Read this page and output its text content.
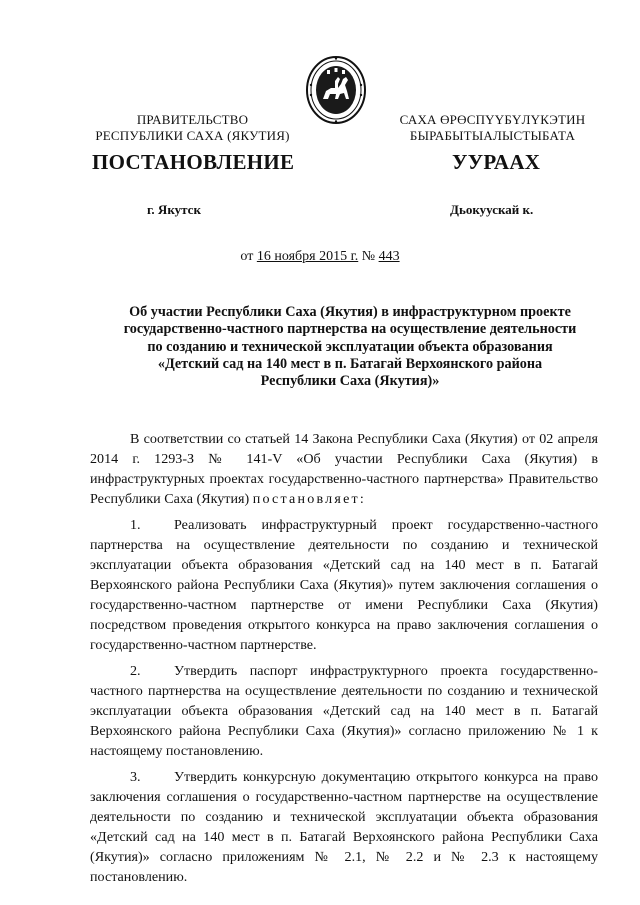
ПРАВИТЕЛЬСТВО
РЕСПУБЛИКИ САХА (ЯКУТИЯ)
САХА ӨРӨСПҮҮБҮЛҮКЭТИН
БЫРАБЫТЫАЛЫСТЫБАТА
ПОСТАНОВЛЕНИЕ	УУРААХ
г. Якутск	Дьокуускай к.
от 16 ноября 2015 г. № 443
Об участии Республики Саха (Якутия) в инфраструктурном проекте
государственно-частного партнерства на осуществление деятельности
по созданию и технической эксплуатации объекта образования
«Детский сад на 140 мест в п. Батагай Верхоянского района
Республики Саха (Якутия)»

В соответствии со статьей 14 Закона Республики Саха (Якутия) от 02 апреля 2014 г. 1293-З № 141-V «Об участии Республики Саха (Якутия) в инфраструктурных проектах государственно-частного партнерства» Правительство Республики Саха (Якутия) постановляет:

1. Реализовать инфраструктурный проект государственно-частного партнерства на осуществление деятельности по созданию и технической эксплуатации объекта образования «Детский сад на 140 мест в п. Батагай Верхоянского района Республики Саха (Якутия)» путем заключения соглашения о государственно-частном партнерстве от имени Республики Саха (Якутия) посредством проведения открытого конкурса на право заключения соглашения о государственно-частном партнерстве.

2. Утвердить паспорт инфраструктурного проекта государственно-частного партнерства на осуществление деятельности по созданию и технической эксплуатации объекта образования «Детский сад на 140 мест в п. Батагай Верхоянского района Республики Саха (Якутия)» согласно приложению № 1 к настоящему постановлению.

3. Утвердить конкурсную документацию открытого конкурса на право заключения соглашения о государственно-частном партнерстве на осуществление деятельности по созданию и технической эксплуатации объекта образования «Детский сад на 140 мест в п. Батагай Верхоянского района Республики Саха (Якутия)» согласно приложениям № 2.1, № 2.2 и № 2.3 к настоящему постановлению.
